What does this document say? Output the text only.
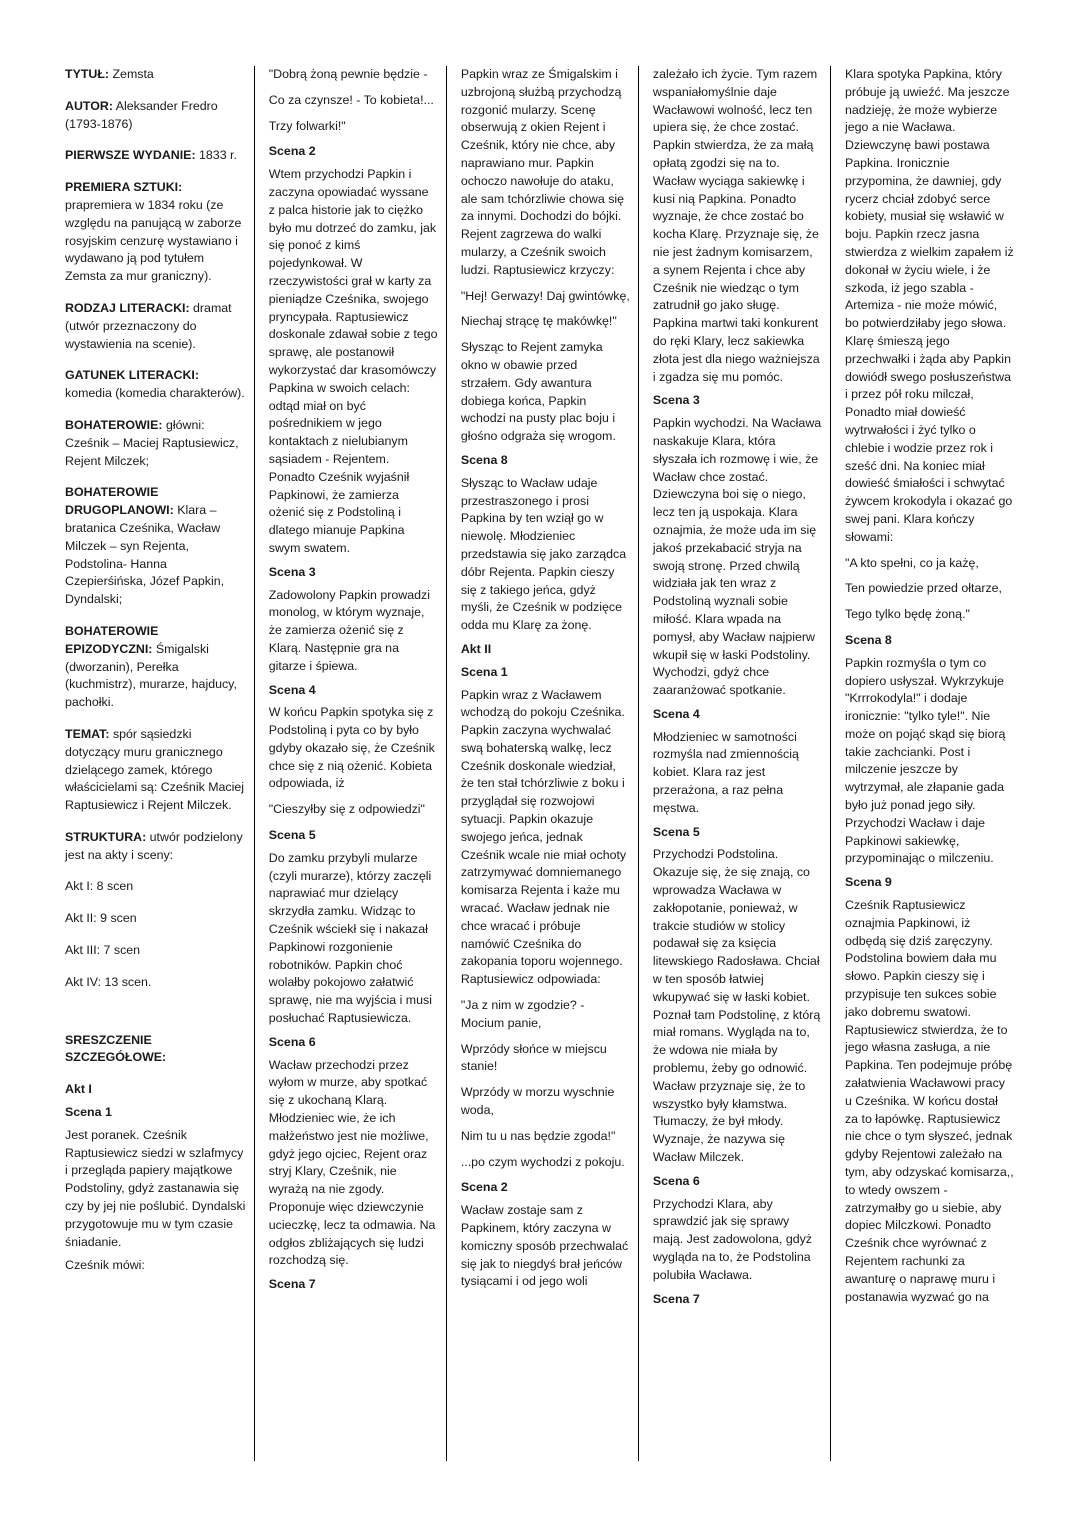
TYTUŁ: Zemsta

AUTOR: Aleksander Fredro (1793-1876)

PIERWSZE WYDANIE: 1833 r.

PREMIERA SZTUKI: prapremiera w 1834 roku (ze względu na panującą w zaborze rosyjskim cenzurę wystawiano i wydawano ją pod tytułem Zemsta za mur graniczny).

RODZAJ LITERACKI: dramat (utwór przeznaczony do wystawienia na scenie).

GATUNEK LITERACKI: komedia (komedia charakterów).

BOHATEROWIE: główni: Cześnik – Maciej Raptusiewicz, Rejent Milczek;

BOHATEROWIE DRUGOPLANOWI: Klara – bratanica Cześnika, Wacław Milczek – syn Rejenta, Podstolina- Hanna Czepierśińska, Józef Papkin, Dyndalski;

BOHATEROWIE EPIZODYCZNI: Śmigalski (dworzanin), Perełka (kuchmistrz), murarze, hajducy, pachołki.

TEMAT: spór sąsiedzki dotyczący muru granicznego dzielącego zamek, którego właścicielami są: Cześnik Maciej Raptusiewicz i Rejent Milczek.

STRUKTURA: utwór podzielony jest na akty i sceny:

Akt I: 8 scen

Akt II: 9 scen

Akt III: 7 scen

Akt IV: 13 scen.

SRESZCZENIE SZCZEGÓŁOWE:

Akt I

Scena 1

Jest poranek. Cześnik Raptusiewicz siedzi w szlafmycy i przegląda papiery majątkowe Podstoliny, gdyż zastanawia się czy by jej nie poślubić. Dyndalski przygotowuje mu w tym czasie śniadanie.

Cześnik mówi:

"Dobrą żoną pewnie będzie -

Co za czynsze! - To kobieta!...

Trzy folwarki!"

Scena 2

Wtem przychodzi Papkin i zaczyna opowiadać wyssane z palca historie jak to ciężko było mu dotrzeć do zamku, jak się ponoć z kimś pojedynkował. W rzeczywistości grał w karty za pieniądze Cześnika, swojego pryncypała. Raptusiewicz doskonale zdawał sobie z tego sprawę, ale postanowił wykorzystać dar krasomówczy Papkina w swoich celach: odtąd miał on być pośrednikiem w jego kontaktach z nielubianym sąsiadem - Rejentem. Ponadto Cześnik wyjaśnił Papkinowi, że zamierza ożenić się z Podstoliną i dlatego mianuje Papkina swym swatem.

Scena 3

Zadowolony Papkin prowadzi monolog, w którym wyznaje, że zamierza ożenić się z Klarą. Następnie gra na gitarze i śpiewa.

Scena 4

W końcu Papkin spotyka się z Podstoliną i pyta co by było gdyby okazało się, że Cześnik chce się z nią ożenić. Kobieta odpowiada, iż

"Cieszyłby się z odpowiedzi"

Scena 5

Do zamku przybyli mularze (czyli murarze), którzy zaczęli naprawiać mur dzielący skrzydła zamku. Widząc to Cześnik wściekł się i nakazał Papkinowi rozgonienie robotników. Papkin choć wolałby pokojowo załatwić sprawę, nie ma wyjścia i musi posłuchać Raptusiewicza.

Scena 6

Wacław przechodzi przez wyłom w murze, aby spotkać się z ukochaną Klarą. Młodzieniec wie, że ich małżeństwo jest nie możliwe, gdyż jego ojciec, Rejent oraz stryj Klary, Cześnik, nie wyrażą na nie zgody. Proponuje więc dziewczynie ucieczkę, lecz ta odmawia. Na odgłos zbliżających się ludzi rozchodzą się.

Scena 7

Papkin wraz ze Śmigalskim i uzbrojoną służbą przychodzą rozgonić mularzy. Scenę obserwują z okien Rejent i Cześnik, który nie chce, aby naprawiano mur. Papkin ochoczo nawołuje do ataku, ale sam tchórzliwie chowa się za innymi. Dochodzi do bójki. Rejent zagrzewa do walki mularzy, a Cześnik swoich ludzi. Raptusiewicz krzyczy:

"Hej! Gerwazy! Daj gwintówkę,

Niechaj strącę tę makówkę!"

Słysząc to Rejent zamyka okno w obawie przed strzałem. Gdy awantura dobiega końca, Papkin wchodzi na pusty plac boju i głośno odgraża się wrogom.

Scena 8

Słysząc to Wacław udaje przestraszonego i prosi Papkina by ten wziął go w niewolę. Młodzieniec przedstawia się jako zarządca dóbr Rejenta. Papkin cieszy się z takiego jeńca, gdyż myśli, że Cześnik w podzięce odda mu Klarę za żonę.

Akt II

Scena 1

Papkin wraz z Wacławem wchodzą do pokoju Cześnika. Papkin zaczyna wychwalać swą bohaterską walkę, lecz Cześnik doskonale wiedział, że ten stał tchórzliwie z boku i przyglądał się rozwojowi sytuacji. Papkin okazuje swojego jeńca, jednak Cześnik wcale nie miał ochoty zatrzymywać domniemanego komisarza Rejenta i każe mu wracać. Wacław jednak nie chce wracać i próbuje namówić Cześnika do zakopania toporu wojennego. Raptusiewicz odpowiada:

"Ja z nim w zgodzie? - Mocium panie,

Wprzódy słońce w miejscu stanie!

Wprzódy w morzu wyschnie woda,

Nim tu u nas będzie zgoda!"

...po czym wychodzi z pokoju.

Scena 2

Wacław zostaje sam z Papkinem, który zaczyna w komiczny sposób przechwalać się jak to niegdyś brał jeńców tysiącami i od jego woli

zależało ich życie. Tym razem wspaniałomyślnie daje Wacławowi wolność, lecz ten upiera się, że chce zostać. Papkin stwierdza, że za małą opłatą zgodzi się na to. Wacław wyciąga sakiewkę i kusi nią Papkina. Ponadto wyznaje, że chce zostać bo kocha Klarę. Przyznaje się, że nie jest żadnym komisarzem, a synem Rejenta i chce aby Cześnik nie wiedząc o tym zatrudnił go jako sługę. Papkina martwi taki konkurent do ręki Klary, lecz sakiewka złota jest dla niego ważniejsza i zgadza się mu pomóc.

Scena 3

Papkin wychodzi. Na Wacława naskakuje Klara, która słyszała ich rozmowę i wie, że Wacław chce zostać. Dziewczyna boi się o niego, lecz ten ją uspokaja. Klara oznajmia, że może uda im się jakoś przekabacić stryja na swoją stronę. Przed chwilą widziała jak ten wraz z Podstoliną wyznali sobie miłość. Klara wpada na pomysł, aby Wacław najpierw wkupił się w łaski Podstoliny. Wychodzi, gdyż chce zaaranżować spotkanie.

Scena 4

Młodzieniec w samotności rozmyśla nad zmiennością kobiet. Klara raz jest przerażona, a raz pełna męstwa.

Scena 5

Przychodzi Podstolina. Okazuje się, że się znają, co wprowadza Wacława w zakłopotanie, ponieważ, w trakcie studiów w stolicy podawał się za księcia litewskiego Radosława. Chciał w ten sposób łatwiej wkupywać się w łaski kobiet. Poznał tam Podstolinę, z którą miał romans. Wygląda na to, że wdowa nie miała by problemu, żeby go odnowić. Wacław przyznaje się, że to wszystko były kłamstwa. Tłumaczy, że był młody. Wyznaje, że nazywa się Wacław Milczek.

Scena 6

Przychodzi Klara, aby sprawdzić jak się sprawy mają. Jest zadowolona, gdyż wygląda na to, że Podstolina polubiła Wacława.

Scena 7

Klara spotyka Papkina, który próbuje ją uwieźć. Ma jeszcze nadzieję, że może wybierze jego a nie Wacława. Dziewczynę bawi postawa Papkina. Ironicznie przypomina, że dawniej, gdy rycerz chciał zdobyć serce kobiety, musiał się wsławić w boju. Papkin rzecz jasna stwierdza z wielkim zapałem iż dokonał w życiu wiele, i że szkoda, iż jego szabla - Artemiza - nie może mówić, bo potwierdziłaby jego słowa. Klarę śmieszą jego przechwałki i żąda aby Papkin dowiódł swego posłuszeństwa i przez pół roku milczał, Ponadto miał dowieść wytrwałości i żyć tylko o chlebie i wodzie przez rok i sześć dni. Na koniec miał dowieść śmiałości i schwytać żywcem krokodyla i okazać go swej pani. Klara kończy słowami:

"A kto spełni, co ja każę,

Ten powiedzie przed ołtarze,

Tego tylko będę żoną."

Scena 8

Papkin rozmyśla o tym co dopiero usłyszał. Wykrzykuje "Krrrokodyla!" i dodaje ironicznie: "tylko tyle!". Nie może on pojąć skąd się biorą takie zachcianki. Post i milczenie jeszcze by wytrzymał, ale złapanie gada było już ponad jego siły. Przychodzi Wacław i daje Papkinowi sakiewkę, przypominając o milczeniu.

Scena 9

Cześnik Raptusiewicz oznajmia Papkinowi, iż odbędą się dziś zaręczyny. Podstolina bowiem dała mu słowo. Papkin cieszy się i przypisuje ten sukces sobie jako dobremu swatowi. Raptusiewicz stwierdza, że to jego własna zasługa, a nie Papkina. Ten podejmuje próbę załatwienia Wacławowi pracy u Cześnika. W końcu dostał za to łapówkę. Raptusiewicz nie chce o tym słyszeć, jednak gdyby Rejentowi zależało na tym, aby odzyskać komisarza,, to wtedy owszem - zatrzymałby go u siebie, aby dopiec Milczkowi. Ponadto Cześnik chce wyrównać z Rejentem rachunki za awanturę o naprawę muru i postanawia wyzwać go na
